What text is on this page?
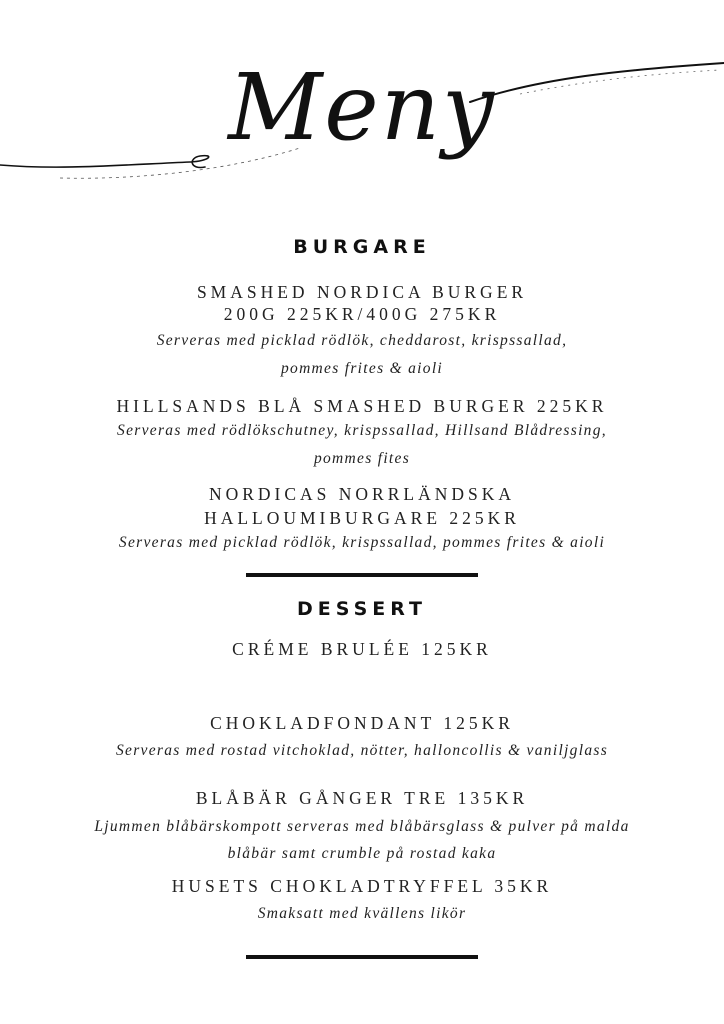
Meny
BURGARE
SMASHED NORDICA BURGER
200G 225KR/400G 275KR
Serveras med picklad rödlök, cheddarost, krispssallad,
pommes frites & aioli
HILLSANDS BLÅ SMASHED BURGER 225KR
Serveras med rödlökschutney, krispssallad, Hillsand Blådressing,
pommes fites
NORDICAS NORRLÄNDSKA
HALLOUMIBURGARE 225KR
Serveras med picklad rödlök, krispssallad, pommes frites & aioli
DESSERT
CRÉME BRULÉE 125KR
CHOKLADFONDANT 125KR
Serveras med rostad vitchoklad, nötter, halloncollis & vaniljglass
BLÅBÄR GÅNGER TRE 135KR
Ljummen blåbärskompott serveras med blåbärsglass & pulver på malda
blåbär samt crumble på rostad kaka
HUSETS CHOKLADTRYFFEL 35KR
Smaksatt med kvällens likör
